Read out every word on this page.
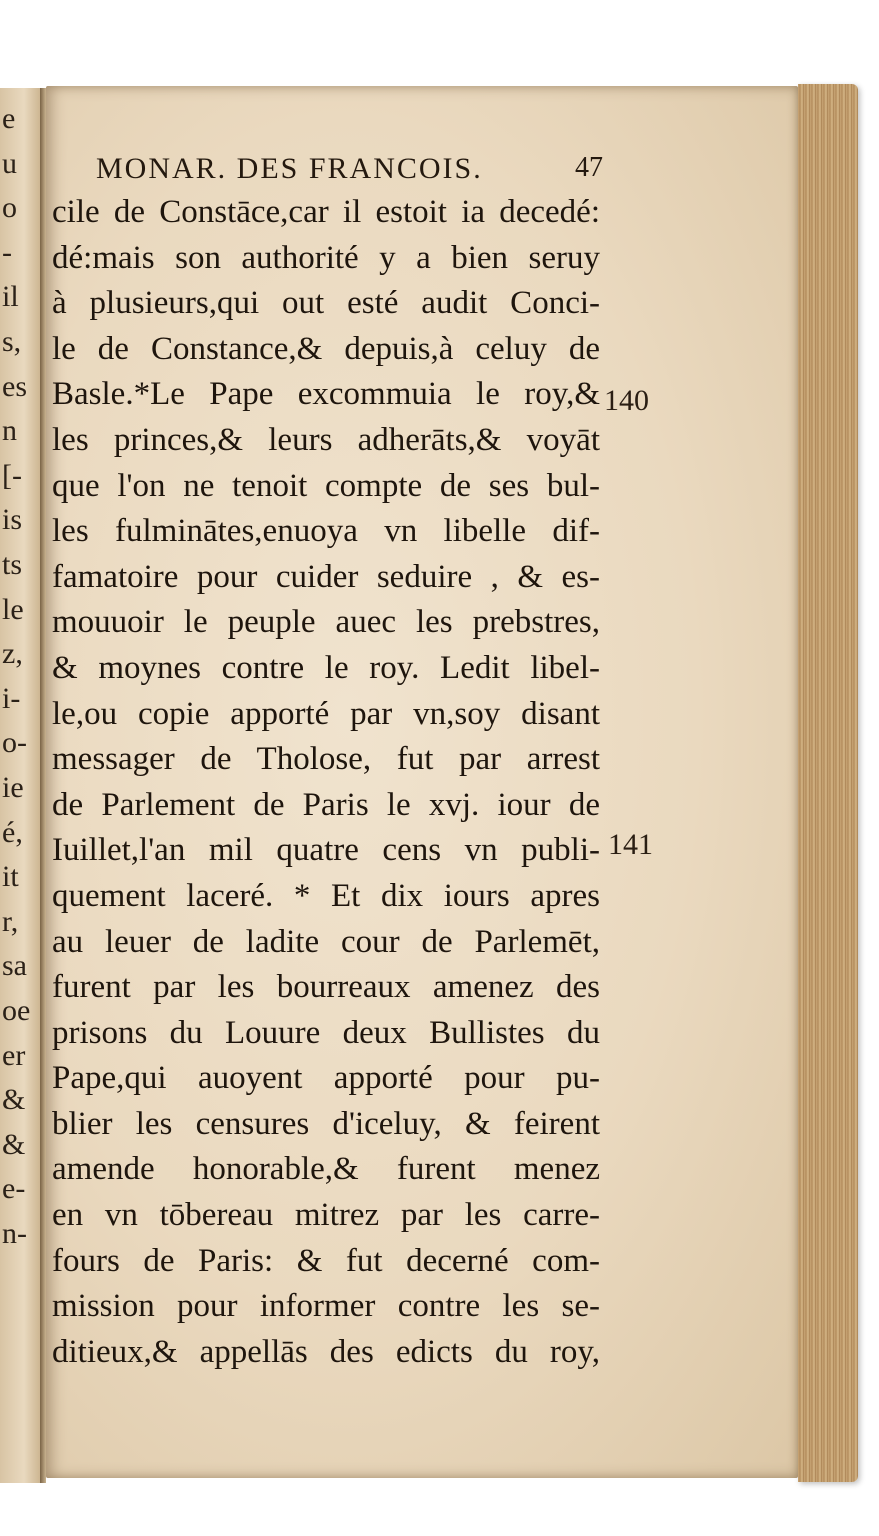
e
u
o
-
il
s,
es
n
[-
is
ts
le
z,
i-
o-
ie
é,
it
r,
sa
oe
er
&
&
e-
n-
MONAR. DES FRANCOIS.	47
cile de Constāce,car il estoit ia decedé:
dé:mais son authorité y a bien seruy
à plusieurs,qui out esté audit Conci-
le de Constance,& depuis,à celuy de
Basle.*Le Pape excommuia le roy,&
les princes,& leurs adherāts,& voyāt
que l'on ne tenoit compte de ses bul-
les fulminātes,enuoya vn libelle dif-
famatoire pour cuider seduire , & es-
mouuoir le peuple auec les prebstres,
& moynes contre le roy. Ledit libel-
le,ou copie apporté par vn,soy disant
messager de Tholose, fut par arrest
de Parlement de Paris le xvj. iour de
Iuillet,l'an mil quatre cens vn publi-
quement laceré. * Et dix iours apres
au leuer de ladite cour de Parlemēt,
furent par les bourreaux amenez des
prisons du Louure deux Bullistes du
Pape,qui auoyent apporté pour pu-
blier les censures d'iceluy, & feirent
amende honorable,& furent menez
en vn tōbereau mitrez par les carre-
fours de Paris: & fut decerné com-
mission pour informer contre les se-
ditieux,& appellās des edicts du roy,
140
141
